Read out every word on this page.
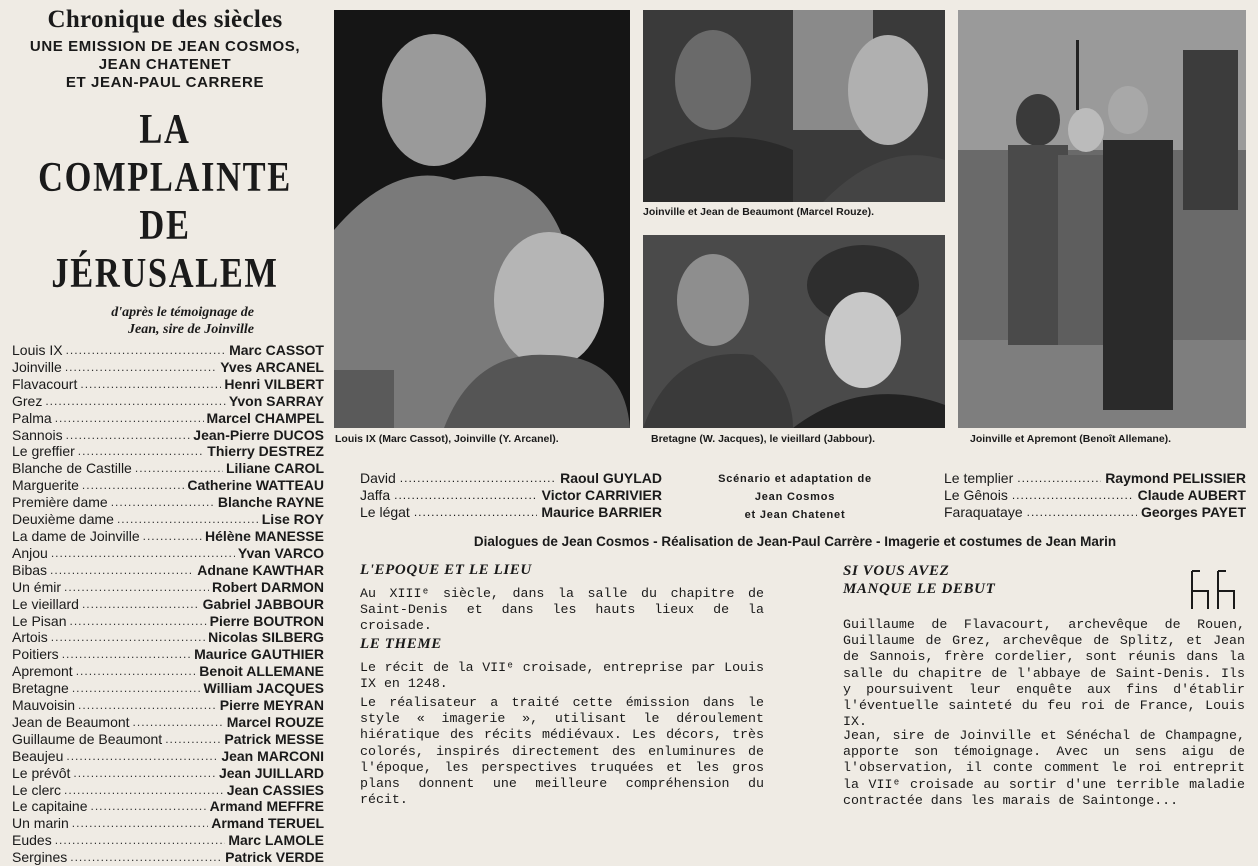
Chronique des siècles
UNE EMISSION DE JEAN COSMOS,
JEAN CHATENET
ET JEAN-PAUL CARRERE
LA COMPLAINTE
DE JÉRUSALEM
d'après le témoignage de
Jean, sire de Joinville
Louis IX .....	Marc CASSOT
Joinville .....	Yves ARCANEL
Flavacourt .....	Henri VILBERT
Grez .....	Yvon SARRAY
Palma .....	Marcel CHAMPEL
Sannois .....	Jean-Pierre DUCOS
Le greffier .....	Thierry DESTREZ
Blanche de Castille .....	Liliane CAROL
Marguerite .....	Catherine WATTEAU
Première dame .....	Blanche RAYNE
Deuxième dame .....	Lise ROY
La dame de Joinville .....	Hélène MANESSE
Anjou .....	Yvan VARCO
Bibas .....	Adnane KAWTHAR
Un émir .....	Robert DARMON
Le vieillard .....	Gabriel JABBOUR
Le Pisan .....	Pierre BOUTRON
Artois .....	Nicolas SILBERG
Poitiers .....	Maurice GAUTHIER
Apremont .....	Benoit ALLEMANE
Bretagne .....	William JACQUES
Mauvoisin .....	Pierre MEYRAN
Jean de Beaumont .....	Marcel ROUZE
Guillaume de Beaumont .....	Patrick MESSE
Beaujeu .....	Jean MARCONI
Le prévôt .....	Jean JUILLARD
Le clerc .....	Jean CASSIES
Le capitaine .....	Armand MEFFRE
Un marin .....	Armand TERUEL
Eudes .....	Marc LAMOLE
Sergines .....	Patrick VERDE
Louis IX (Marc Cassot), Joinville (Y. Arcanel).
Joinville et Jean de Beaumont (Marcel Rouze).
Bretagne (W. Jacques), le vieillard (Jabbour).	Joinville et Apremont (Benoît Allemane).
David .....	Raoul GUYLAD
Jaffa .....	Victor CARRIVIER
Le légat .....	Maurice BARRIER
Scénario et adaptation de
Jean Cosmos
et Jean Chatenet
Le templier .....	Raymond PELISSIER
Le Gênois .....	Claude AUBERT
Faraquataye .....	Georges PAYET
Dialogues de Jean Cosmos - Réalisation de Jean-Paul Carrère - Imagerie et costumes de Jean Marin
L'EPOQUE ET LE LIEU

Au XIIIᵉ siècle, dans la salle du chapitre de Saint-Denis et dans les hauts lieux de la croisade.

LE THEME

Le récit de la VIIᵉ croisade, entreprise par Louis IX en 1248.

Le réalisateur a traité cette émission dans le style « imagerie », utilisant le déroulement hiératique des récits médiévaux. Les décors, très colorés, inspirés directement des enluminures de l'époque, les perspectives truquées et les gros plans donnent une meilleure compréhension du récit.

SI VOUS AVEZ
MANQUE LE DEBUT

Guillaume de Flavacourt, archevêque de Rouen, Guillaume de Grez, archevêque de Splitz, et Jean de Sannois, frère cordelier, sont réunis dans la salle du chapitre de l'abbaye de Saint-Denis. Ils y poursuivent leur enquête aux fins d'établir l'éventuelle sainteté du feu roi de France, Louis IX.

Jean, sire de Joinville et Sénéchal de Champagne, apporte son témoignage. Avec un sens aigu de l'observation, il conte comment le roi entreprit la VIIᵉ croisade au sortir d'une terrible maladie contractée dans les marais de Saintonge...
